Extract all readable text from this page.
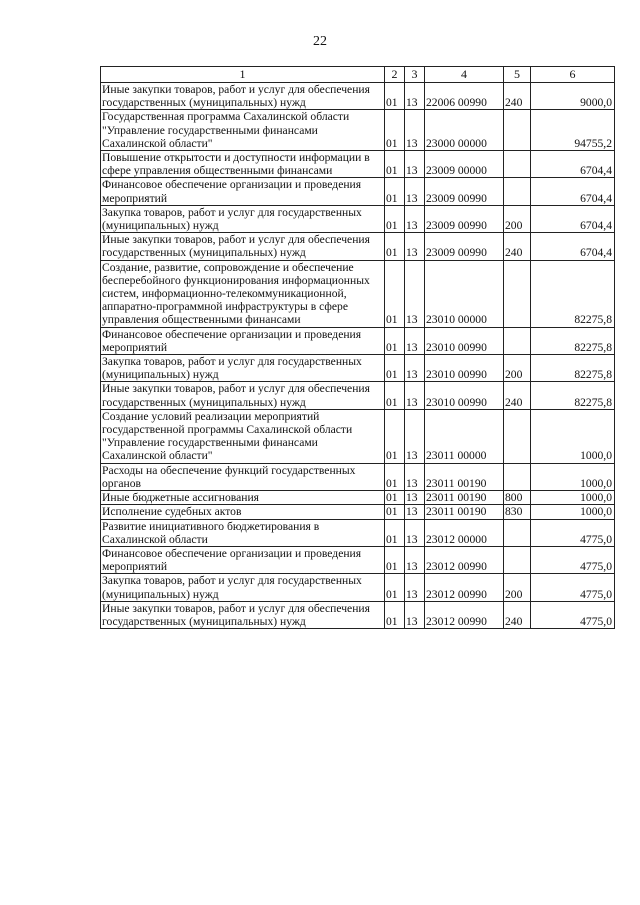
22
1	2	3	4	5	6
Иные закупки товаров, работ и услуг для обеспечения государственных (муниципальных) нужд	01	13	22006 00990	240	9000,0
Государственная программа Сахалинской области "Управление государственными финансами Сахалинской области"	01	13	23000 00000		94755,2
Повышение открытости и доступности информации в сфере управления общественными финансами	01	13	23009 00000		6704,4
Финансовое обеспечение организации и проведения мероприятий	01	13	23009 00990		6704,4
Закупка товаров, работ и услуг для государственных (муниципальных) нужд	01	13	23009 00990	200	6704,4
Иные закупки товаров, работ и услуг для обеспечения государственных (муниципальных) нужд	01	13	23009 00990	240	6704,4
Создание, развитие, сопровождение и обеспечение бесперебойного функционирования информационных систем, информационно-телекоммуникационной, аппаратно-программной инфраструктуры в сфере управления общественными финансами	01	13	23010 00000		82275,8
Финансовое обеспечение организации и проведения мероприятий	01	13	23010 00990		82275,8
Закупка товаров, работ и услуг для государственных (муниципальных) нужд	01	13	23010 00990	200	82275,8
Иные закупки товаров, работ и услуг для обеспечения государственных (муниципальных) нужд	01	13	23010 00990	240	82275,8
Создание условий реализации мероприятий государственной программы Сахалинской области "Управление государственными финансами Сахалинской области"	01	13	23011 00000		1000,0
Расходы на обеспечение функций государственных органов	01	13	23011 00190		1000,0
Иные бюджетные ассигнования	01	13	23011 00190	800	1000,0
Исполнение судебных актов	01	13	23011 00190	830	1000,0
Развитие инициативного бюджетирования в Сахалинской области	01	13	23012 00000		4775,0
Финансовое обеспечение организации и проведения мероприятий	01	13	23012 00990		4775,0
Закупка товаров, работ и услуг для государственных (муниципальных) нужд	01	13	23012 00990	200	4775,0
Иные закупки товаров, работ и услуг для обеспечения государственных (муниципальных) нужд	01	13	23012 00990	240	4775,0
